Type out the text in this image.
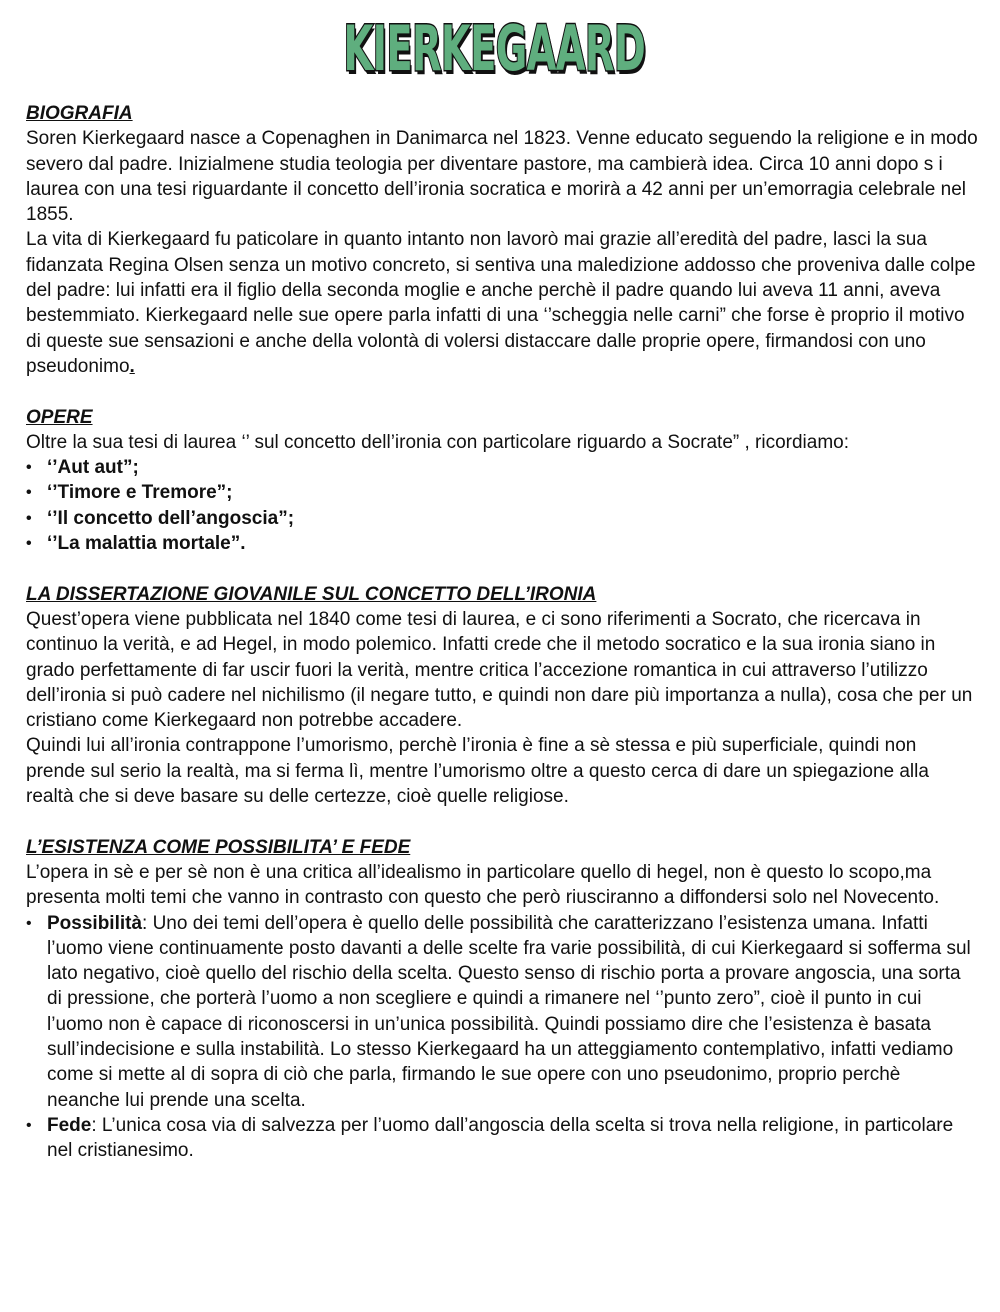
KIERKEGAARD

BIOGRAFIA

Soren Kierkegaard nasce a Copenaghen in Danimarca nel 1823. Venne educato seguendo la religione e in modo severo dal padre. Inizialmene studia teologia per diventare pastore, ma cambierà idea. Circa 10 anni dopo s i laurea con una tesi riguardante il concetto dell’ironia socratica e morirà a 42 anni per un’emorragia celebrale nel 1855.

La vita di Kierkegaard fu paticolare in quanto intanto non lavorò mai grazie all’eredità del padre, lasci la sua fidanzata Regina Olsen senza un motivo concreto, si sentiva una maledizione addosso che proveniva dalle colpe del padre: lui infatti era il figlio della seconda moglie e anche perchè il padre quando lui aveva 11 anni, aveva bestemmiato. Kierkegaard nelle sue opere parla infatti di una ‘’scheggia nelle carni” che forse è proprio il motivo di queste sue sensazioni e anche della volontà di volersi distaccare dalle proprie opere, firmandosi con uno pseudonimo.

OPERE

Oltre la sua tesi di laurea ‘’ sul concetto dell’ironia con particolare riguardo a Socrate” , ricordiamo:

• ‘’Aut aut”;
• ‘’Timore e Tremore”;
• ‘’Il concetto dell’angoscia”;
• ‘’La malattia mortale”.

LA DISSERTAZIONE GIOVANILE SUL CONCETTO DELL’IRONIA

Quest’opera viene pubblicata nel 1840 come tesi di laurea, e ci sono riferimenti a Socrato, che ricercava in continuo la verità, e ad Hegel, in modo polemico. Infatti crede che il metodo socratico e la sua ironia siano in grado perfettamente di far uscir fuori la verità, mentre critica l’accezione romantica in cui attraverso l’utilizzo dell’ironia si può cadere nel nichilismo (il negare tutto, e quindi non dare più importanza a nulla), cosa che per un cristiano come Kierkegaard non potrebbe accadere.

Quindi lui all’ironia contrappone l’umorismo, perchè l’ironia è fine a sè stessa e più superficiale, quindi non prende sul serio la realtà, ma si ferma lì, mentre l’umorismo oltre a questo cerca di dare un spiegazione alla realtà che si deve basare su delle certezze, cioè quelle religiose.

L’ESISTENZA COME POSSIBILITA’ E FEDE

L’opera in sè e per sè non è una critica all’idealismo in particolare quello di hegel, non è questo lo scopo,ma presenta molti temi che vanno in contrasto con questo che però riusciranno a diffondersi solo nel Novecento.

• Possibilità: Uno dei temi dell’opera è quello delle possibilità che caratterizzano l’esistenza umana. Infatti l’uomo viene continuamente posto davanti a delle scelte fra varie possibilità, di cui Kierkegaard si sofferma sul lato negativo, cioè quello del rischio della scelta. Questo senso di rischio porta a provare angoscia, una sorta di pressione, che porterà l’uomo a non scegliere e quindi a rimanere nel ‘’punto zero”, cioè il punto in cui l’uomo non è capace di riconoscersi in un’unica possibilità. Quindi possiamo dire che l’esistenza è basata sull’indecisione e sulla instabilità. Lo stesso Kierkegaard ha un atteggiamento contemplativo, infatti vediamo come si mette al di sopra di ciò che parla, firmando le sue opere con uno pseudonimo, proprio perchè neanche lui prende una scelta.
• Fede: L’unica cosa via di salvezza per l’uomo dall’angoscia della scelta si trova nella religione, in particolare nel cristianesimo.
